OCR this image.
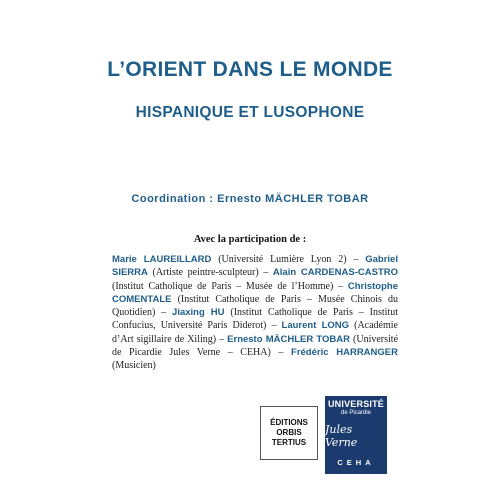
L’ORIENT DANS LE MONDE
HISPANIQUE ET LUSOPHONE
Coordination : Ernesto MÄCHLER TOBAR
Avec la participation de :
Marie LAUREILLARD (Université Lumière Lyon 2) – Gabriel SIERRA (Artiste peintre-sculpteur) – Alain CARDENAS-CASTRO (Institut Catholique de Paris – Musée de l’Homme) – Christophe COMENTALE (Institut Catholique de Paris – Musée Chinois du Quotidien) – Jiaxing HU (Institut Catholique de Paris – Institut Confucius, Université Paris Diderot) – Laurent LONG (Académie d’Art sigillaire de Xiling) – Ernesto MÄCHLER TOBAR (Université de Picardie Jules Verne – CEHA) – Frédéric HARRANGER (Musicien)
ÉDITIONS
ORBIS
TERTIUS
UNIVERSITÉ
de Picardie
Jules Verne
CEHA
